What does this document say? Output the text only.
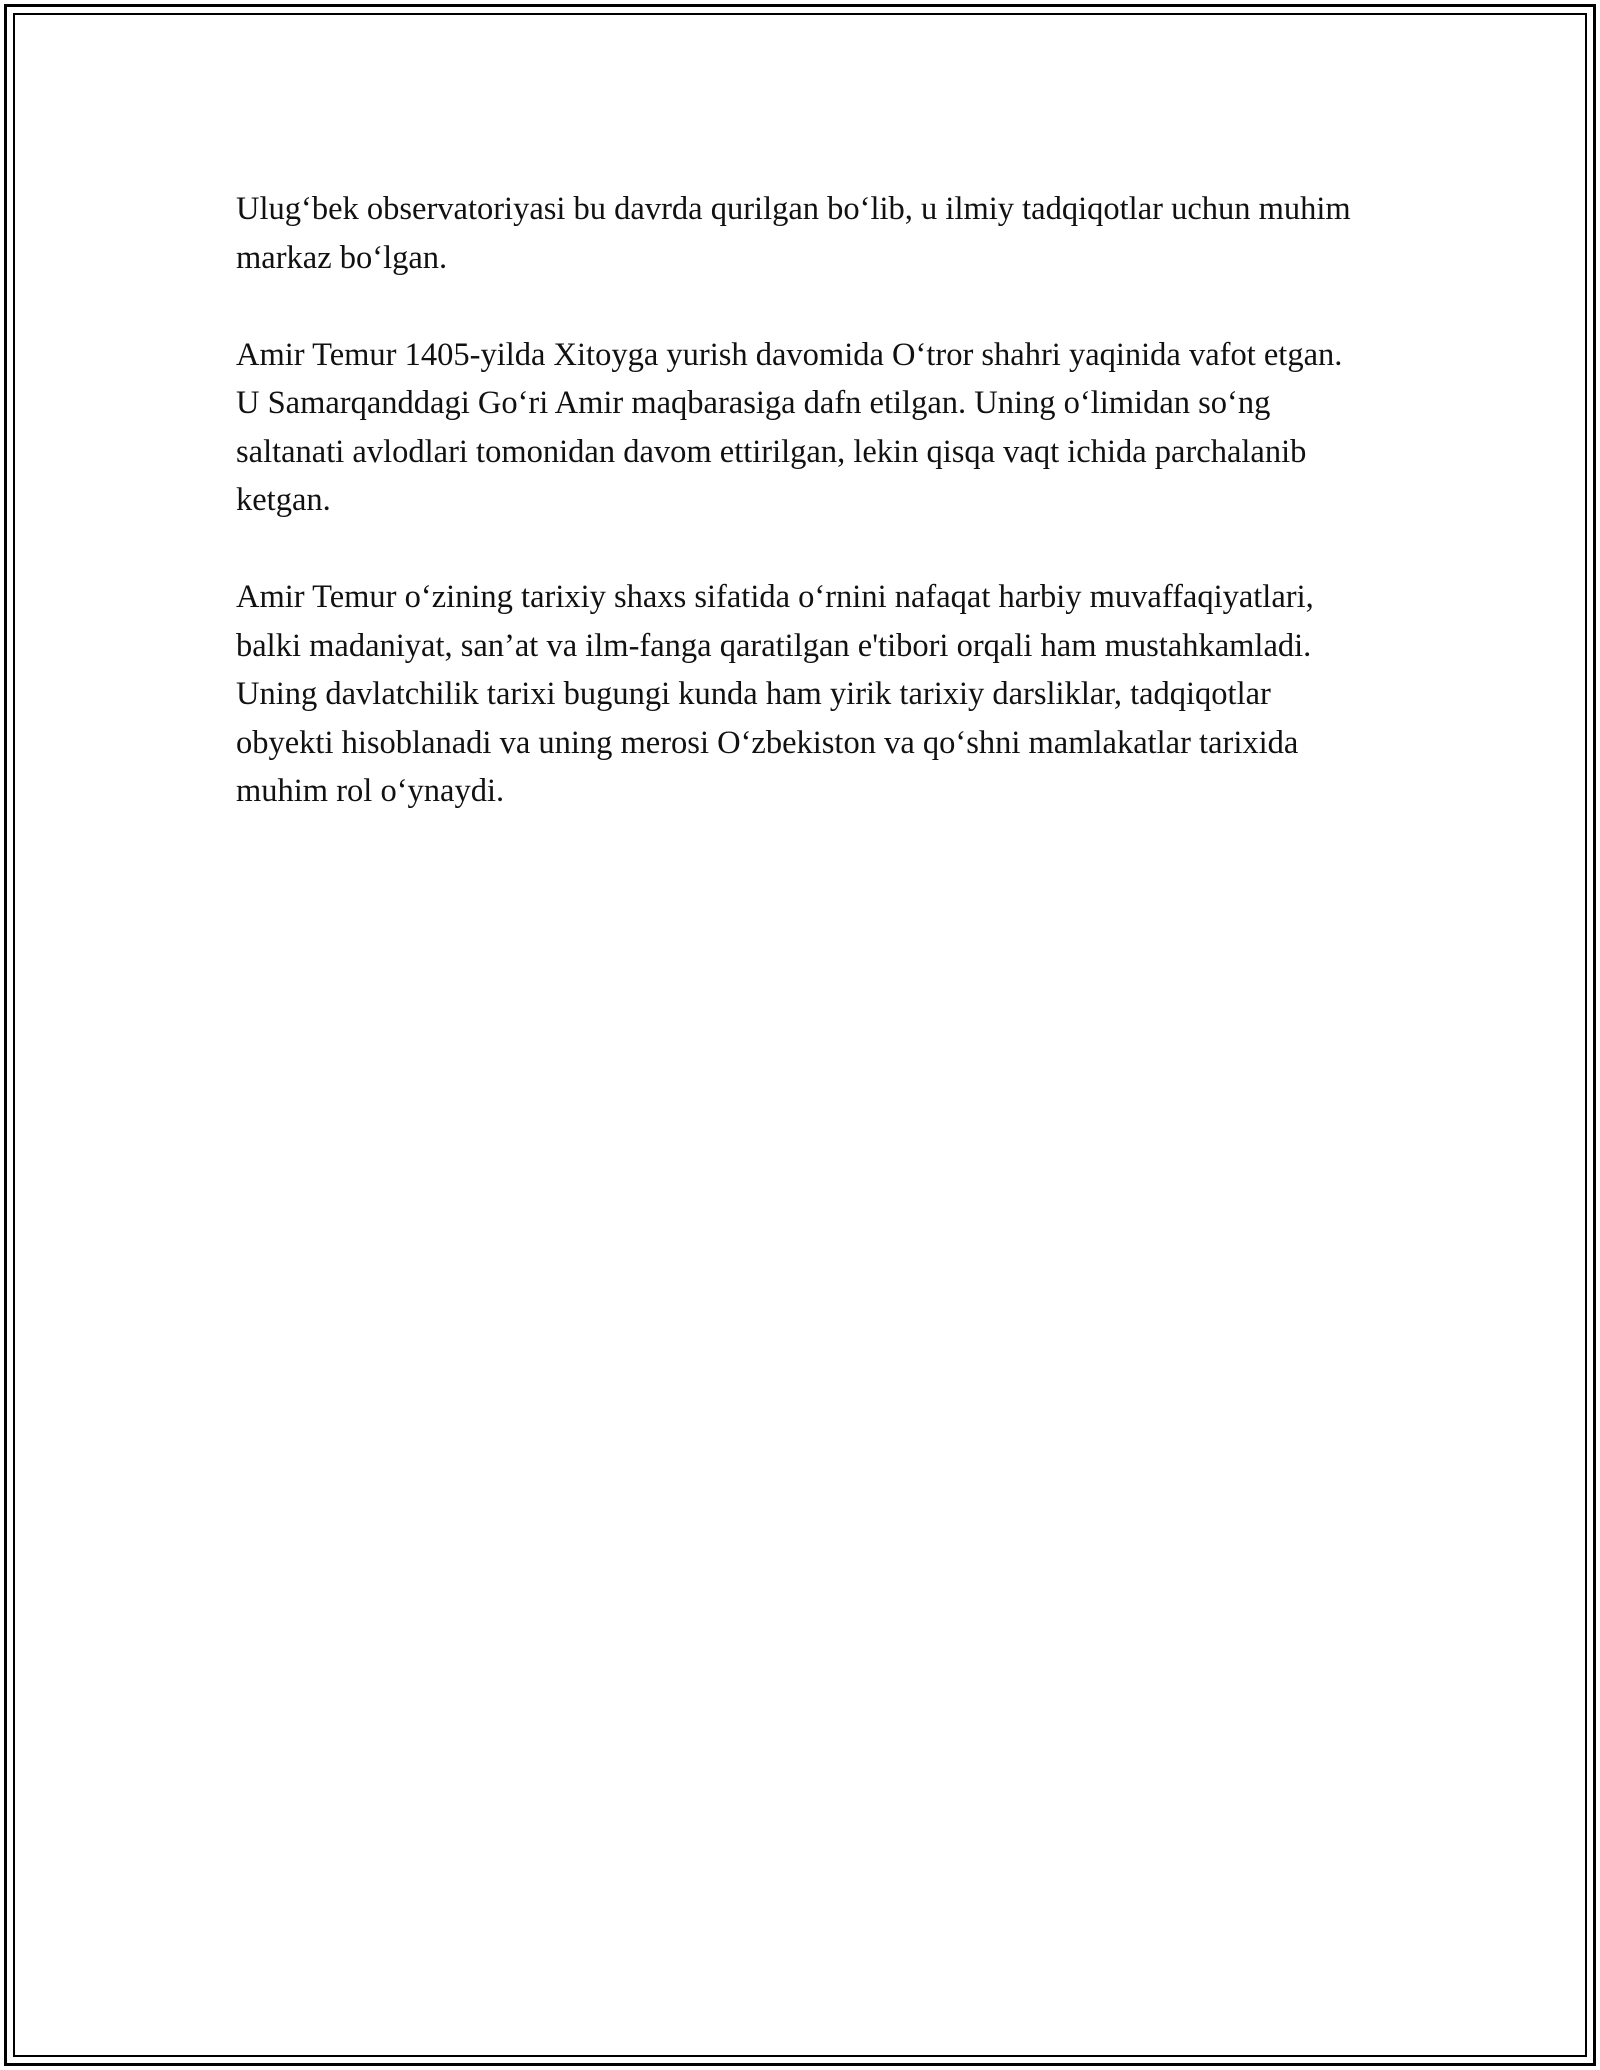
Ulug‘bek observatoriyasi bu davrda qurilgan bo‘lib, u ilmiy tadqiqotlar uchun muhim markaz bo‘lgan.

Amir Temur 1405-yilda Xitoyga yurish davomida O‘tror shahri yaqinida vafot etgan. U Samarqanddagi Go‘ri Amir maqbarasiga dafn etilgan. Uning o‘limidan so‘ng saltanati avlodlari tomonidan davom ettirilgan, lekin qisqa vaqt ichida parchalanib ketgan.

Amir Temur o‘zining tarixiy shaxs sifatida o‘rnini nafaqat harbiy muvaffaqiyatlari, balki madaniyat, san’at va ilm-fanga qaratilgan e'tibori orqali ham mustahkamladi. Uning davlatchilik tarixi bugungi kunda ham yirik tarixiy darsliklar, tadqiqotlar obyekti hisoblanadi va uning merosi O‘zbekiston va qo‘shni mamlakatlar tarixida muhim rol o‘ynaydi.
